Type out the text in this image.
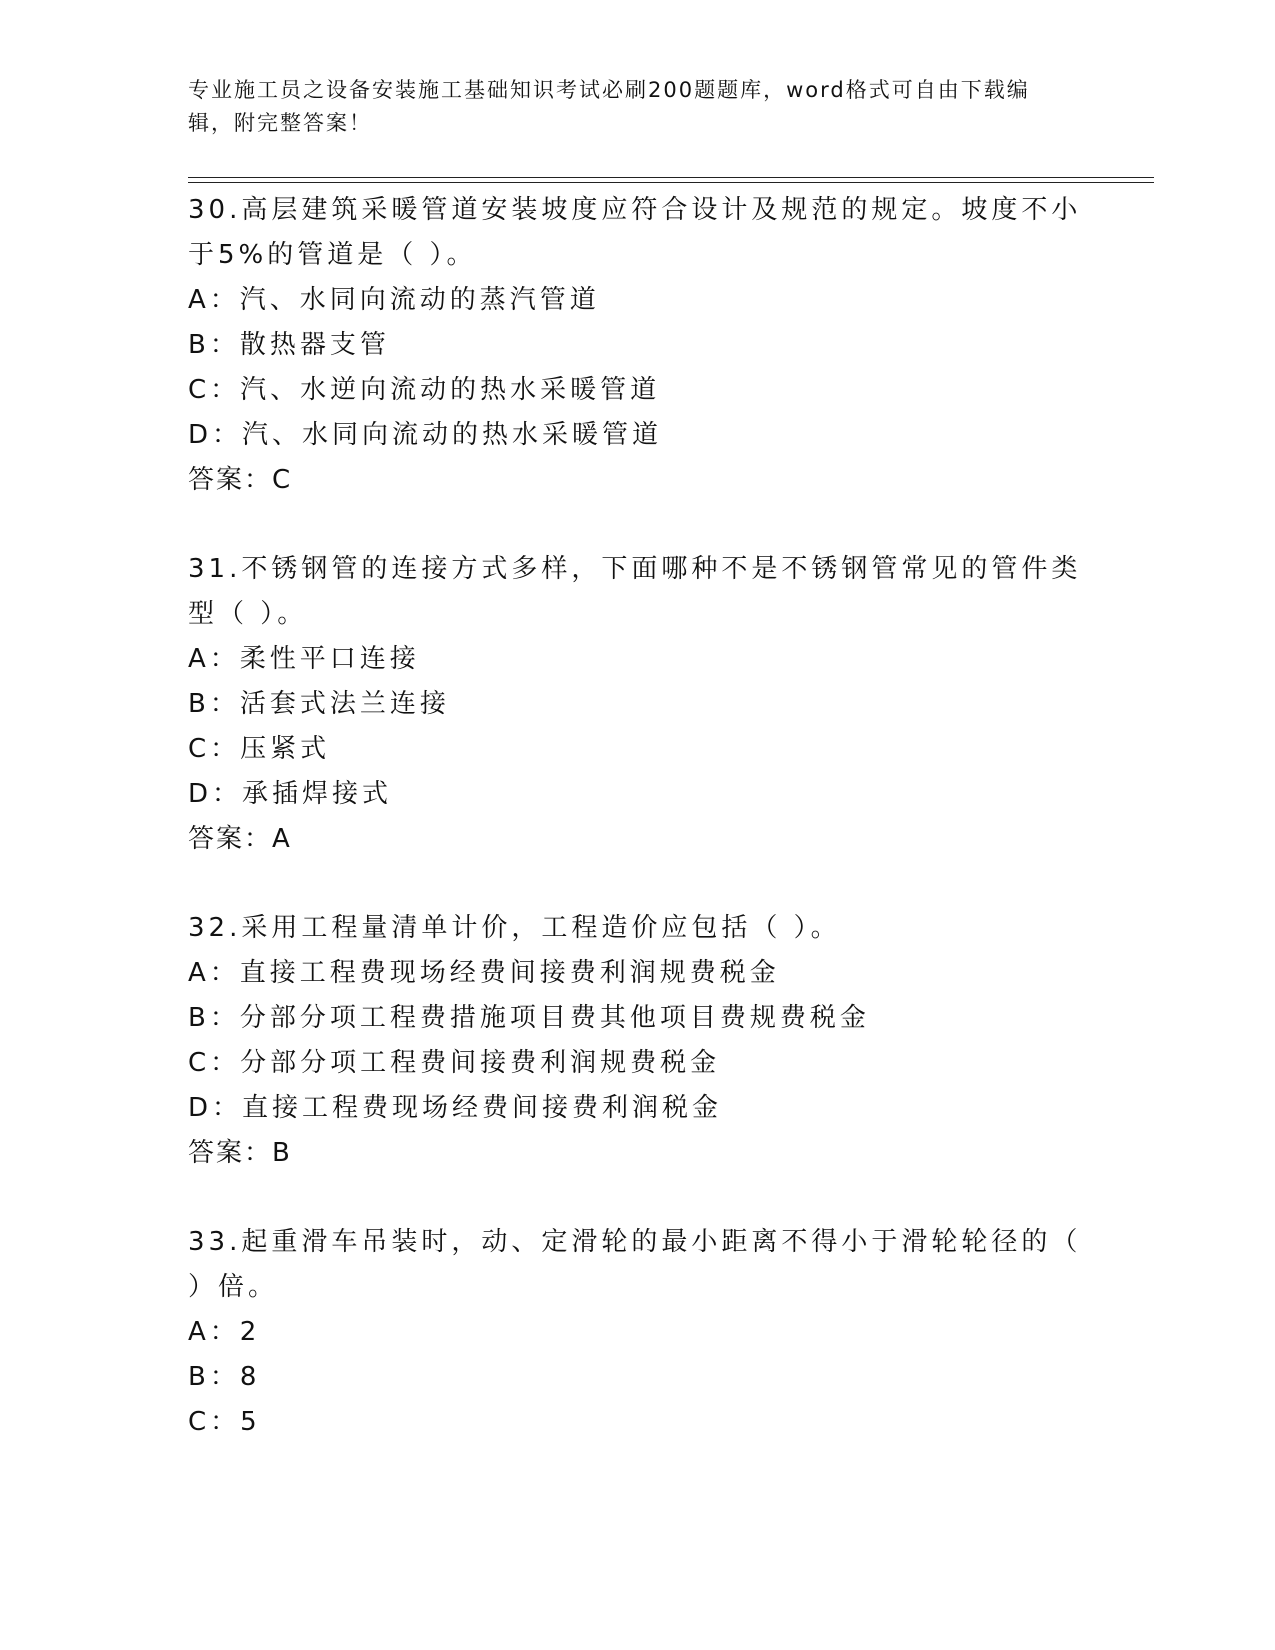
专业施工员之设备安装施工基础知识考试必刷200题题库，word格式可自由下载编辑，附完整答案！
30.高层建筑采暖管道安装坡度应符合设计及规范的规定。坡度不小于5%的管道是（ ）。
A：汽、水同向流动的蒸汽管道
B：散热器支管
C：汽、水逆向流动的热水采暖管道
D：汽、水同向流动的热水采暖管道
答案：C
31.不锈钢管的连接方式多样，下面哪种不是不锈钢管常见的管件类型（ ）。
A：柔性平口连接
B：活套式法兰连接
C：压紧式
D：承插焊接式
答案：A
32.采用工程量清单计价，工程造价应包括（ ）。
A：直接工程费现场经费间接费利润规费税金
B：分部分项工程费措施项目费其他项目费规费税金
C：分部分项工程费间接费利润规费税金
D：直接工程费现场经费间接费利润税金
答案：B
33.起重滑车吊装时，动、定滑轮的最小距离不得小于滑轮轮径的（ ）倍。
A：2
B：8
C：5
